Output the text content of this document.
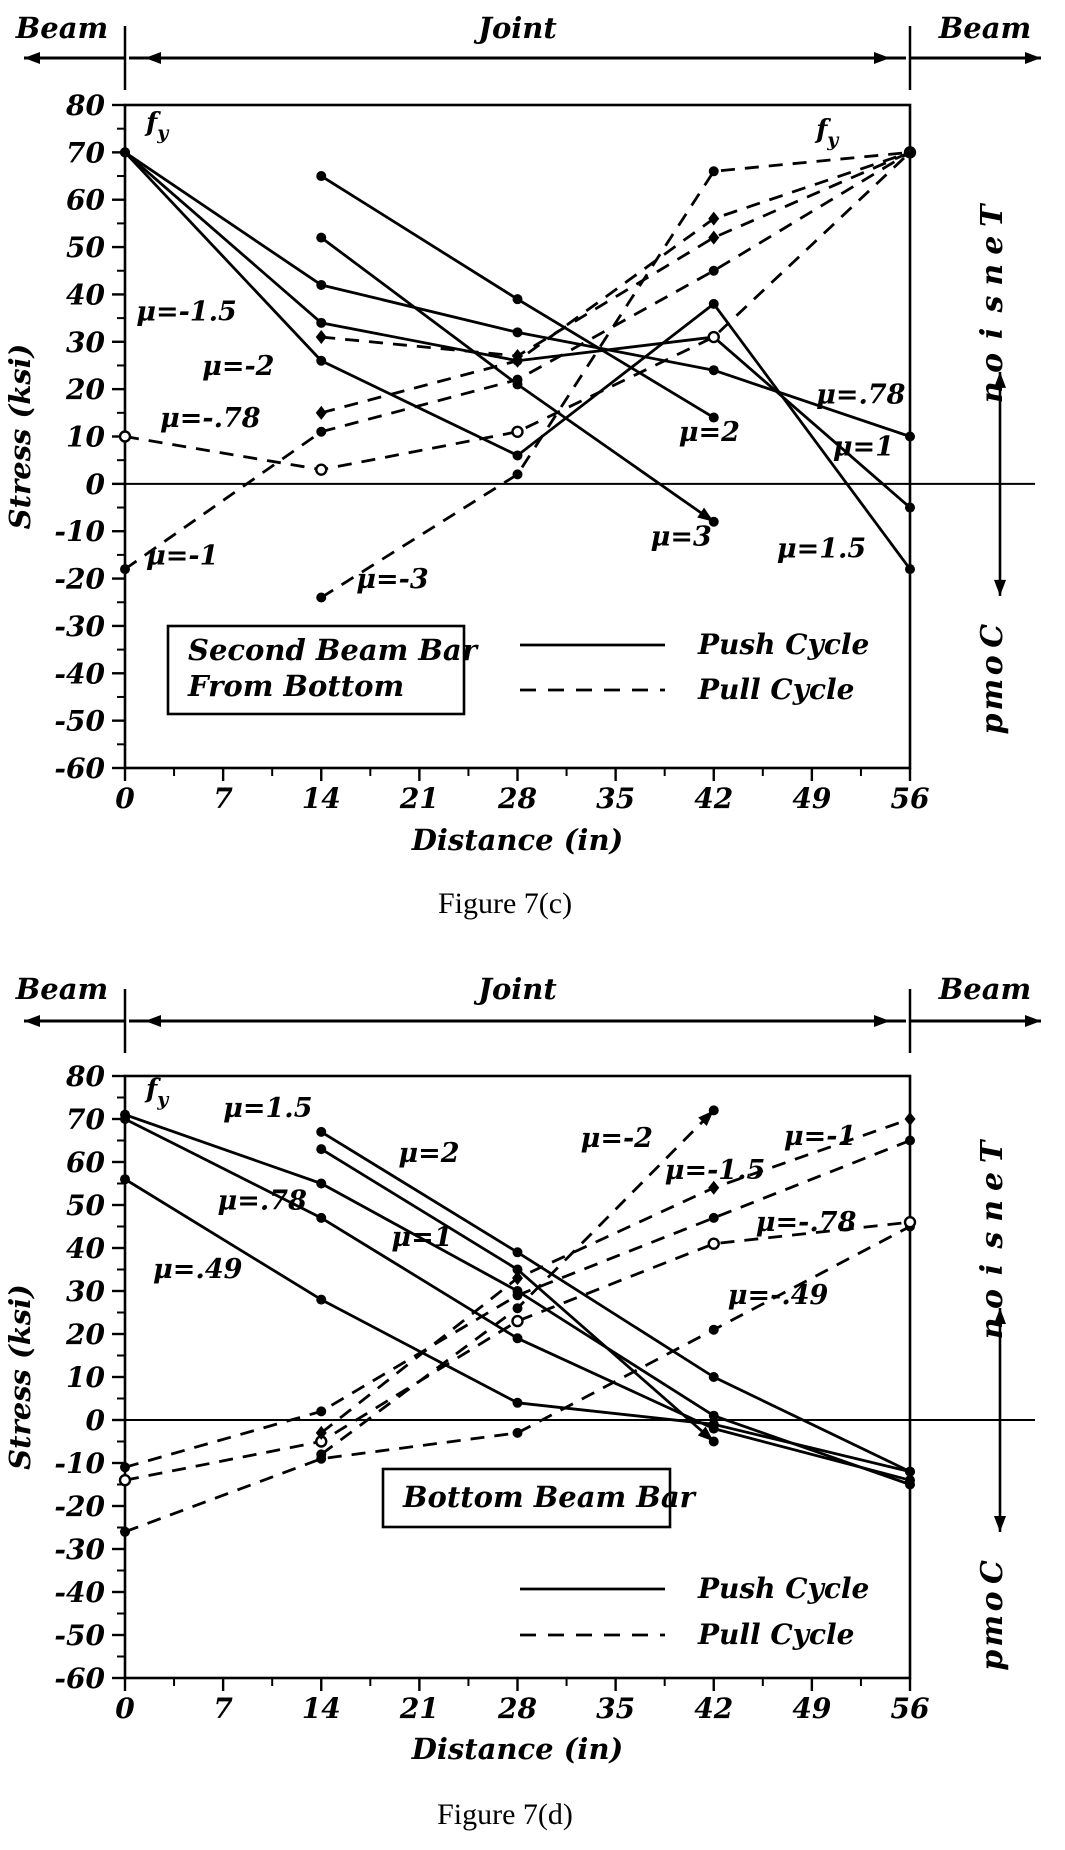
Beam	Joint	Beam
80
70
60
50
40
30
20
10
0
-10
-20
-30
-40
-50
-60
0	7 14 21 28 35 42 49 56
Distance (in)
Stress (ksi)
μ=-1.5
μ=-2
μ=-.78
μ=-1
μ=-3
μ=2
μ=3 μ=1.5
μ=.78
μ=1
$f_y$	$f_y$
Second Beam Bar
From Bottom
Push Cycle
Pull Cycle
T
e
n
s
i
o
n
C
o
m
p
Figure 7(c)
Beam	Joint	Beam
80
70
60
50
40
30
20
10
0
-10
-20
-30
-40
-50
-60
0	7 14 21 28 35 42 49 56
Distance (in)
Stress (ksi)
μ=1.5
μ=2
μ=.78
μ=1
μ=.49
μ=-2	μ=-1
μ=-1.5
μ=-.78
μ=-.49
$f_y$
Bottom Beam Bar
Push Cycle
Pull Cycle
T
e
n
s
i
o
n
C
o
m
p
Figure 7(d)
